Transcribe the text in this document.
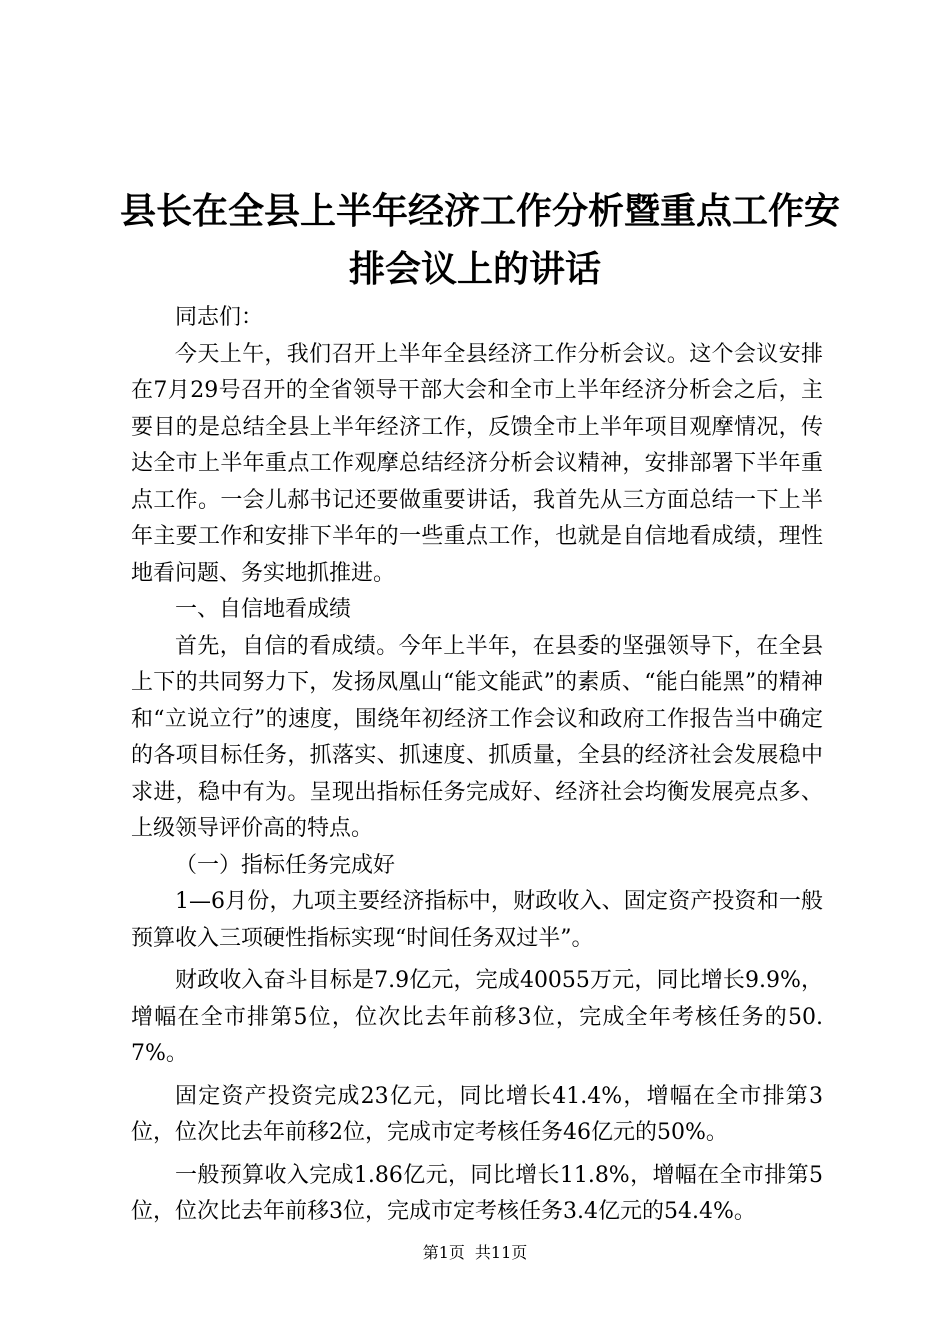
县长在全县上半年经济工作分析暨重点工作安
排会议上的讲话

同志们：

今天上午，我们召开上半年全县经济工作分析会议。这个会议安排在7月29号召开的全省领导干部大会和全市上半年经济分析会之后，主要目的是总结全县上半年经济工作，反馈全市上半年项目观摩情况，传达全市上半年重点工作观摩总结经济分析会议精神，安排部署下半年重点工作。一会儿郝书记还要做重要讲话，我首先从三方面总结一下上半年主要工作和安排下半年的一些重点工作，也就是自信地看成绩，理性地看问题、务实地抓推进。

一、自信地看成绩

首先，自信的看成绩。今年上半年，在县委的坚强领导下，在全县上下的共同努力下，发扬凤凰山“能文能武”的素质、“能白能黑”的精神和“立说立行”的速度，围绕年初经济工作会议和政府工作报告当中确定的各项目标任务，抓落实、抓速度、抓质量，全县的经济社会发展稳中求进，稳中有为。呈现出指标任务完成好、经济社会均衡发展亮点多、上级领导评价高的特点。

（一）指标任务完成好

1—6月份，九项主要经济指标中，财政收入、固定资产投资和一般预算收入三项硬性指标实现“时间任务双过半”。

财政收入奋斗目标是7.9亿元，完成40055万元，同比增长9.9%，增幅在全市排第5位，位次比去年前移3位，完成全年考核任务的50.7%。

固定资产投资完成23亿元，同比增长41.4%，增幅在全市排第3位，位次比去年前移2位，完成市定考核任务46亿元的50%。

一般预算收入完成1.86亿元，同比增长11.8%，增幅在全市排第5位，位次比去年前移3位，完成市定考核任务3.4亿元的54.4%。

第1页 共11页
